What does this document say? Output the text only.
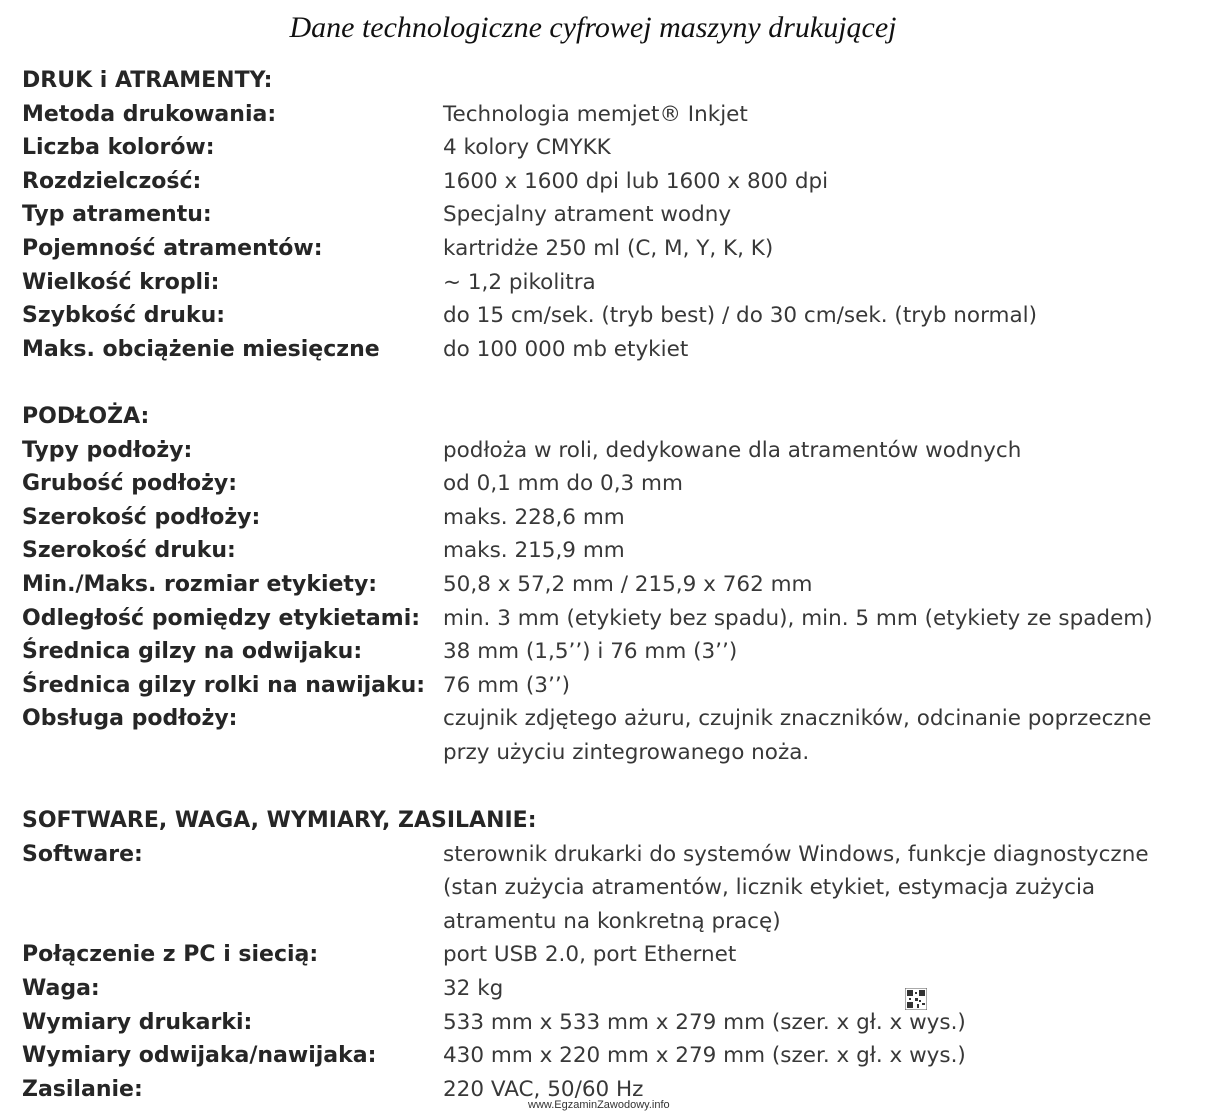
Dane technologiczne cyfrowej maszyny drukującej
DRUK i ATRAMENTY:
Metoda drukowania:	Technologia memjet® Inkjet
Liczba kolorów:	4 kolory CMYKK
Rozdzielczość:	1600 x 1600 dpi lub 1600 x 800 dpi
Typ atramentu:	Specjalny atrament wodny
Pojemność atramentów:	kartridże 250 ml (C, M, Y, K, K)
Wielkość kropli:	~ 1,2 pikolitra
Szybkość druku:	do 15 cm/sek. (tryb best) / do 30 cm/sek. (tryb normal)
Maks. obciążenie miesięczne	do 100 000 mb etykiet
PODŁOŻA:
Typy podłoży:	podłoża w roli, dedykowane dla atramentów wodnych
Grubość podłoży:	od 0,1 mm do 0,3 mm
Szerokość podłoży:	maks. 228,6 mm
Szerokość druku:	maks. 215,9 mm
Min./Maks. rozmiar etykiety:	50,8 x 57,2 mm / 215,9 x 762 mm
Odległość pomiędzy etykietami:	min. 3 mm (etykiety bez spadu), min. 5 mm (etykiety ze spadem)
Średnica gilzy na odwijaku:	38 mm (1,5’’) i 76 mm (3’’)
Średnica gilzy rolki na nawijaku: 76 mm (3’’)
Obsługa podłoży:	czujnik zdjętego ażuru, czujnik znaczników, odcinanie poprzeczne
przy użyciu zintegrowanego noża.
SOFTWARE, WAGA, WYMIARY, ZASILANIE:
Software:	sterownik drukarki do systemów Windows, funkcje diagnostyczne
(stan zużycia atramentów, licznik etykiet, estymacja zużycia
atramentu na konkretną pracę)
Połączenie z PC i siecią:	port USB 2.0, port Ethernet
Waga:	32 kg
Wymiary drukarki:	533 mm x 533 mm x 279 mm (szer. x gł. x wys.)
Wymiary odwijaka/nawijaka:	430 mm x 220 mm x 279 mm (szer. x gł. x wys.)
Zasilanie:	220 VAC, 50/60 Hz
www.EgzaminZawodowy.info
